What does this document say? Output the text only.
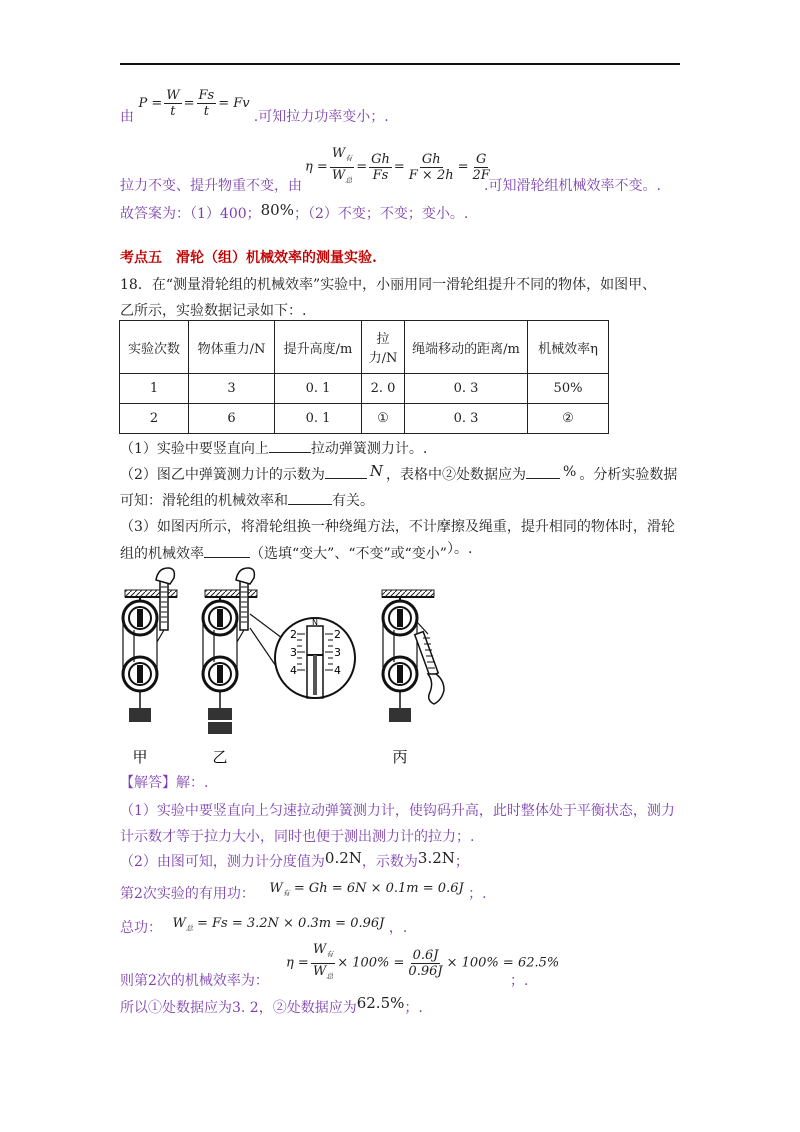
由 $P = \frac{W}{t} = \frac{Fs}{t} = Fv$ .可知拉力功率变小；.
$\eta = \frac{W_有}{W_总} = \frac{Gh}{Fs} = \frac{Gh}{F \times 2h} = \frac{G}{2F}$
拉力不变、提升物重不变，由	.可知滑轮组机械效率不变。.
故答案为：（1）400；80%；（2）不变；不变；变小。.
考点五　滑轮（组）机械效率的测量实验.
18．在“测量滑轮组的机械效率”实验中，小丽用同一滑轮组提升不同的物体，如图甲、
乙所示，实验数据记录如下：.
实验次数	物体重力/N	提升高度/m	拉力/N	绳端移动的距离/m	机械效率η
1	3	0. 1	2. 0	0. 3	50%
2	6	0. 1	①	0. 3	②
（1）实验中要竖直向上	拉动弹簧测力计。.
（2）图乙中弹簧测力计的示数为	N ，表格中②处数据应为	% 。分析实验数据
可知：滑轮组的机械效率和	有关。
（3）如图丙所示，将滑轮组换一种绕绳方法，不计摩擦及绳重，提升相同的物体时，滑轮
组的机械效率	（选填“变大”、“不变”或“变小”）。.
N
2
3
4
2
3
4
甲	乙	丙
【解答】解：.
（1）实验中要竖直向上匀速拉动弹簧测力计，使钩码升高，此时整体处于平衡状态，测力
计示数才等于拉力大小，同时也便于测出测力计的拉力；.
（2）由图可知，测力计分度值为0.2N，示数为3.2N；
第2次实验的有用功： $W_有 = Gh = 6N \times 0.1m = 0.6J$ ；.
总功： $W_总 = Fs = 3.2N \times 0.3m = 0.96J$ ，.
$\eta = \frac{W_有}{W_总} \times 100\% = \frac{0.6J}{0.96J} \times 100\% = 62.5\%$
则第2次的机械效率为：	；.
所以①处数据应为3. 2，②处数据应为62.5%；.
